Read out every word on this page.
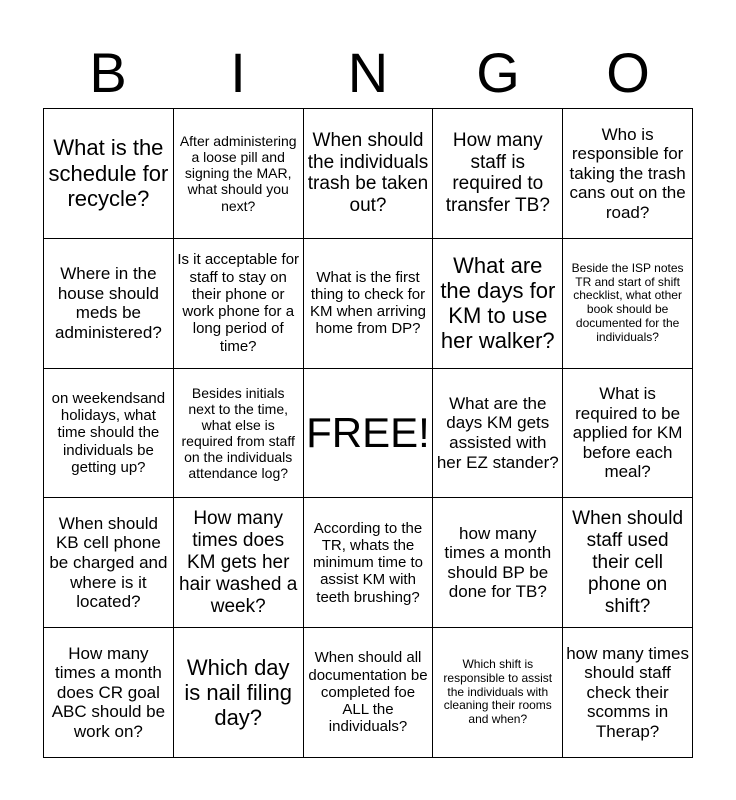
B	I	N	G	O
What is the schedule for recycle?
After administering a loose pill and signing the MAR, what should you next?
When should the individuals trash be taken out?
How many staff is required to transfer TB?
Who is responsible for taking the trash cans out on the road?
Where in the house should meds be administered?
Is it acceptable for staff to stay on their phone or work phone for a long period of time?
What is the first thing to check for KM when arriving home from DP?
What are the days for KM to use her walker?
Beside the ISP notes TR and start of shift checklist, what other book should be documented for the individuals?
on weekendsand holidays, what time should the individuals be getting up?
Besides initials next to the time, what else is required from staff on the individuals attendance log?
FREE!
What are the days KM gets assisted with her EZ stander?
What is required to be applied for KM before each meal?
When should KB cell phone be charged and where is it located?
How many times does KM gets her hair washed a week?
According to the TR, whats the minimum time to assist KM with teeth brushing?
how many times a month should BP be done for TB?
When should staff used their cell phone on shift?
How many times a month does CR goal ABC should be work on?
Which day is nail filing day?
When should all documentation be completed foe ALL the individuals?
Which shift is responsible to assist the individuals with cleaning their rooms and when?
how many times should staff check their scomms in Therap?
